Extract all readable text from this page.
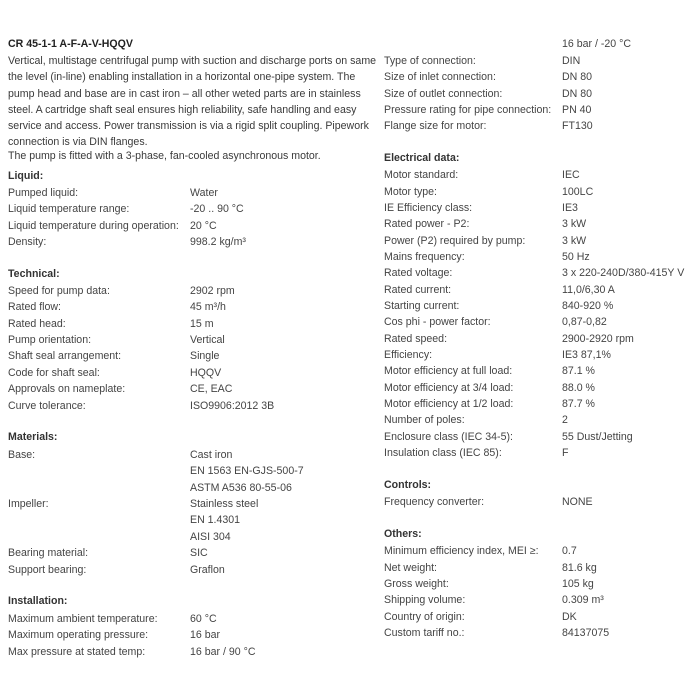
CR 45-1-1 A-F-A-V-HQQV
Vertical, multistage centrifugal pump with suction and discharge ports on same the level (in-line) enabling installation in a horizontal one-pipe system. The pump head and base are in cast iron – all other weted parts are in stainless steel. A cartridge shaft seal ensures high reliability, safe handling and easy service and access. Power transmission is via a rigid split coupling. Pipework connection is via DIN flanges.
The pump is fitted with a 3-phase, fan-cooled asynchronous motor.
16 bar / -20 °C
Liquid:
Pumped liquid:	Water
Liquid temperature range:	-20 .. 90 °C
Liquid temperature during operation: 20 °C
Density:	998.2 kg/m³
Technical:
Speed for pump data:	2902 rpm
Rated flow:	45 m³/h
Rated head:	15 m
Pump orientation:	Vertical
Shaft seal arrangement:	Single
Code for shaft seal:	HQQV
Approvals on nameplate:	CE, EAC
Curve tolerance:	ISO9906:2012 3B
Materials:
Base:	Cast iron
EN 1563 EN-GJS-500-7
ASTM A536 80-55-06
Impeller:	Stainless steel
EN 1.4301
AISI 304
Bearing material:	SIC
Support bearing:	Graflon
Installation:
Maximum ambient temperature:	60 °C
Maximum operating pressure:	16 bar
Max pressure at stated temp:	16 bar / 90 °C
Type of connection:	DIN
Size of inlet connection:	DN 80
Size of outlet connection:	DN 80
Pressure rating for pipe connection: PN 40
Flange size for motor:	FT130
Electrical data:
Motor standard:	IEC
Motor type:	100LC
IE Efficiency class:	IE3
Rated power - P2:	3 kW
Power (P2) required by pump:	3 kW
Mains frequency:	50 Hz
Rated voltage:	3 x 220-240D/380-415Y V
Rated current:	11,0/6,30 A
Starting current:	840-920 %
Cos phi - power factor:	0,87-0,82
Rated speed:	2900-2920 rpm
Efficiency:	IE3 87,1%
Motor efficiency at full load:	87.1 %
Motor efficiency at 3/4 load:	88.0 %
Motor efficiency at 1/2 load:	87.7 %
Number of poles:	2
Enclosure class (IEC 34-5):	55 Dust/Jetting
Insulation class (IEC 85):	F
Controls:
Frequency converter:	NONE
Others:
Minimum efficiency index, MEI ≥: 0.7
Net weight:	81.6 kg
Gross weight:	105 kg
Shipping volume:	0.309 m³
Country of origin:	DK
Custom tariff no.:	84137075
